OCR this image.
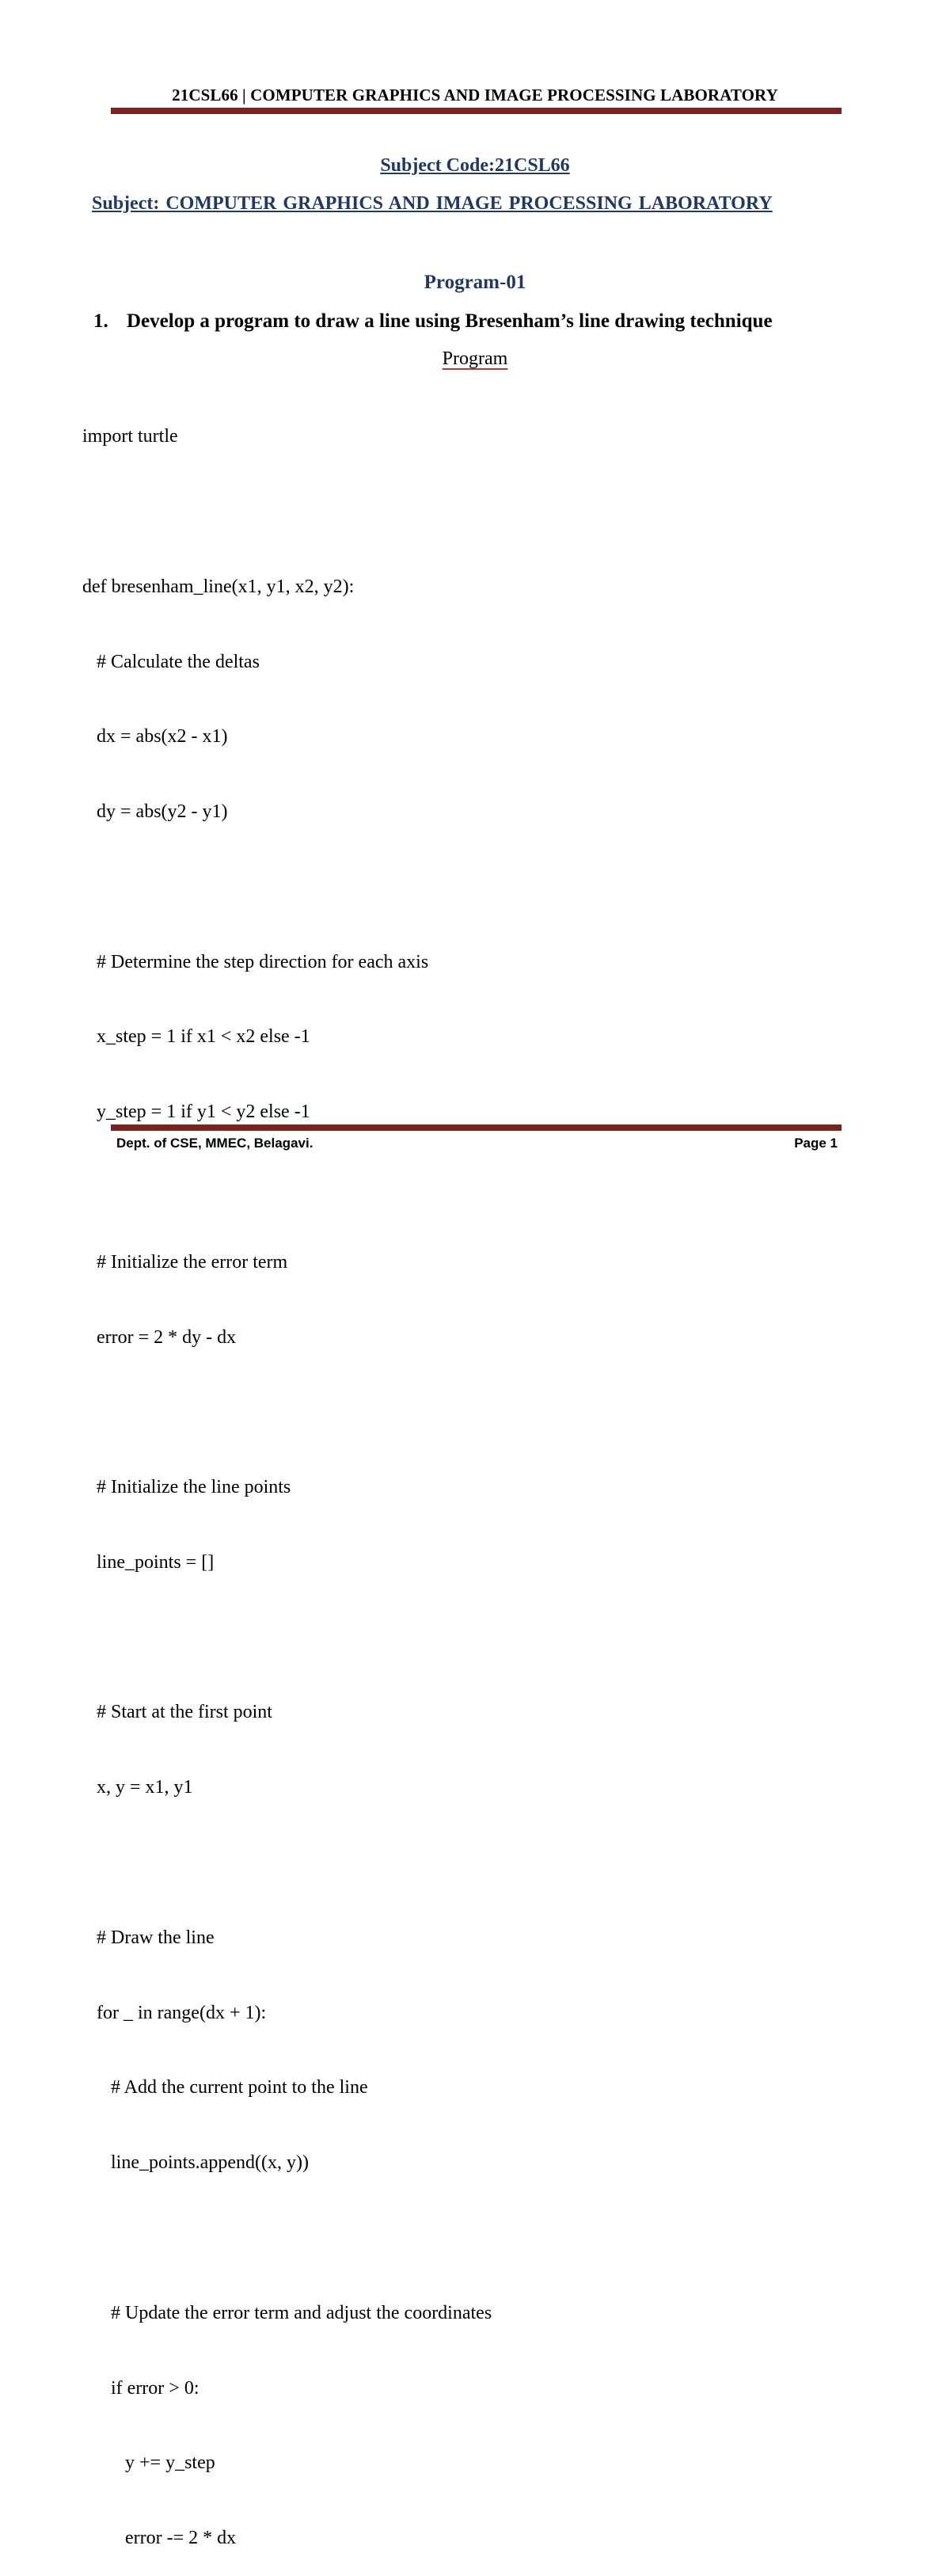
21CSL66 | COMPUTER GRAPHICS AND IMAGE PROCESSING LABORATORY
Subject Code:21CSL66
Subject: COMPUTER GRAPHICS AND IMAGE PROCESSING LABORATORY
Program-01
1. Develop a program to draw a line using Bresenham’s line drawing technique
Program

import turtle

def bresenham_line(x1, y1, x2, y2):

# Calculate the deltas

dx = abs(x2 - x1)

dy = abs(y2 - y1)

# Determine the step direction for each axis

x_step = 1 if x1 < x2 else -1

y_step = 1 if y1 < y2 else -1

# Initialize the error term

error = 2 * dy - dx

# Initialize the line points

line_points = []

# Start at the first point

x, y = x1, y1

# Draw the line

for _ in range(dx + 1):

# Add the current point to the line

line_points.append((x, y))

# Update the error term and adjust the coordinates

if error > 0:

y += y_step

error -= 2 * dx

Dept. of CSE, MMEC, Belagavi.	Page 1
